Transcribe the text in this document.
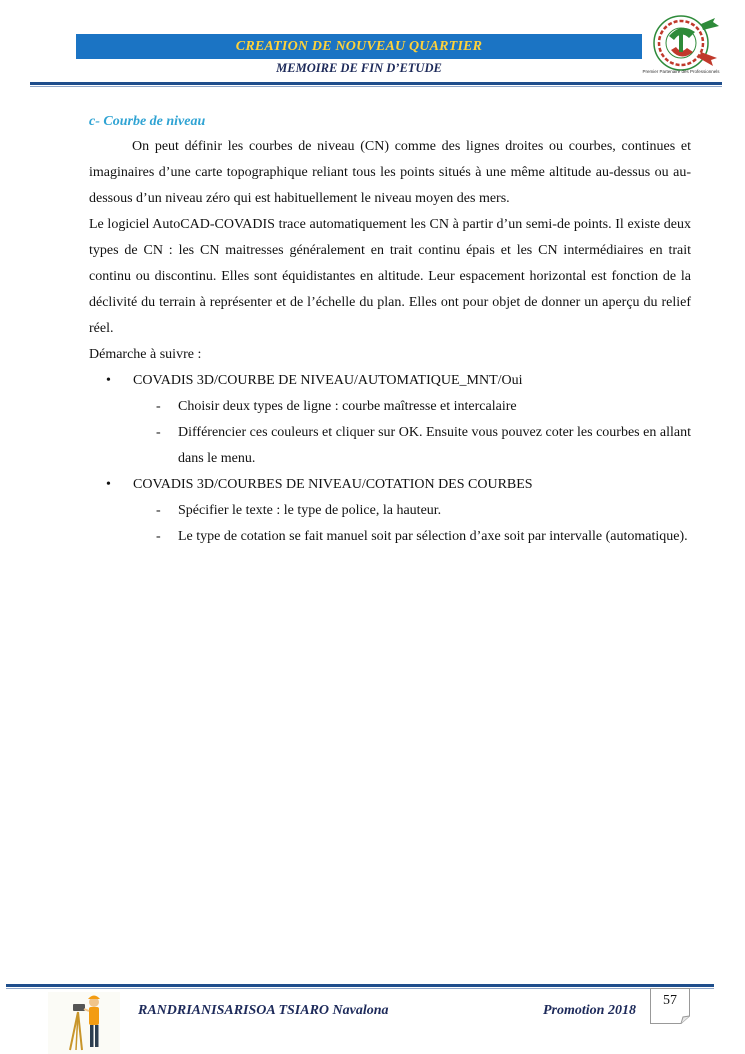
CREATION DE NOUVEAU QUARTIER
MEMOIRE DE FIN D’ETUDE	Premier Partenaire des Professionnels

c- Courbe de niveau

On peut définir les courbes de niveau (CN) comme des lignes droites ou courbes, continues et imaginaires d’une carte topographique reliant tous les points situés à une même altitude au-dessus ou au-dessous d’un niveau zéro qui est habituellement le niveau moyen des mers.

Le logiciel AutoCAD-COVADIS trace automatiquement les CN à partir d’un semi-de points. Il existe deux types de CN : les CN maitresses généralement en trait continu épais et les CN intermédiaires en trait continu ou discontinu. Elles sont équidistantes en altitude. Leur espacement horizontal est fonction de la déclivité du terrain à représenter et de l’échelle du plan. Elles ont pour objet de donner un aperçu du relief réel.

Démarche à suivre :

• COVADIS 3D/COURBE DE NIVEAU/AUTOMATIQUE_MNT/Oui
- Choisir deux types de ligne : courbe maîtresse et intercalaire
- Différencier ces couleurs et cliquer sur OK. Ensuite vous pouvez coter les courbes en allant dans le menu.
• COVADIS 3D/COURBES DE NIVEAU/COTATION DES COURBES
- Spécifier le texte : le type de police, la hauteur.
- Le type de cotation se fait manuel soit par sélection d’axe soit par intervalle (automatique).
RANDRIANISARISOA TSIARO Navalona	Promotion 2018
57
